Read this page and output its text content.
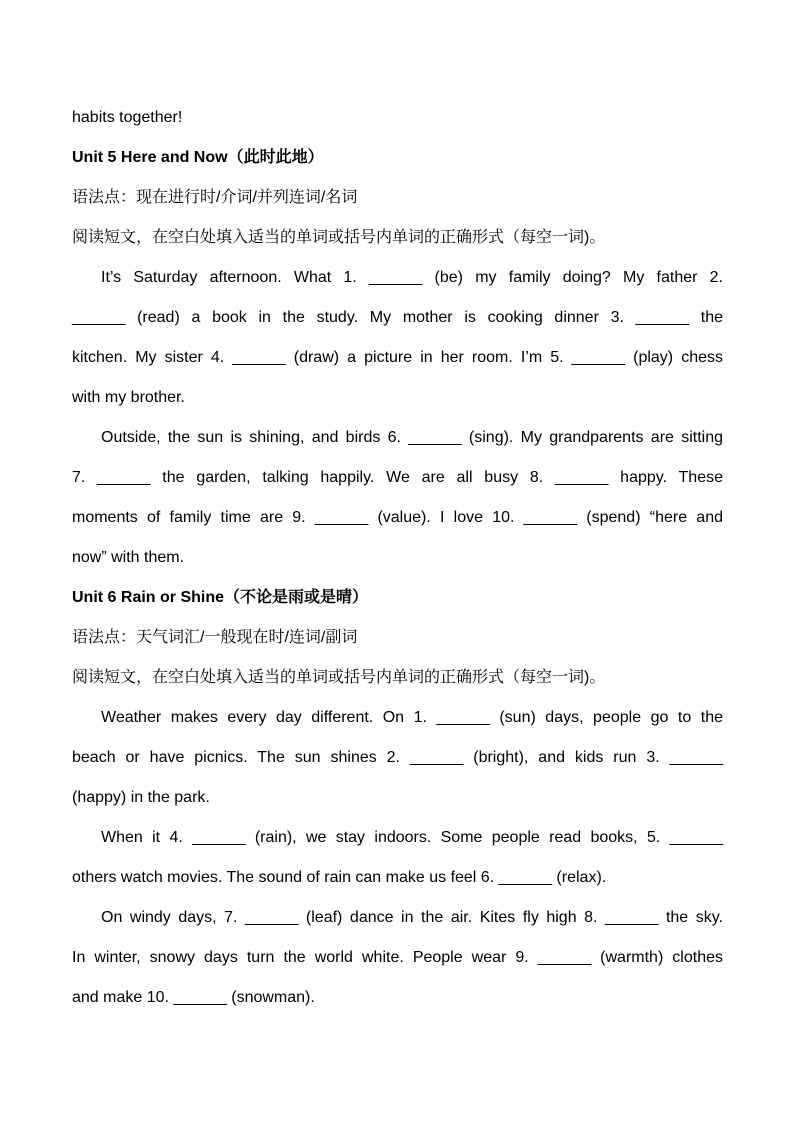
habits together!
Unit 5 Here and Now（此时此地）
语法点：现在进行时/介词/并列连词/名词
阅读短文，在空白处填入适当的单词或括号内单词的正确形式（每空一词)。
It’s Saturday afternoon. What 1. ______ (be) my family doing? My father 2.
______ (read) a book in the study. My mother is cooking dinner 3. ______ the
kitchen. My sister 4. ______ (draw) a picture in her room. I’m 5. ______ (play) chess
with my brother.
Outside, the sun is shining, and birds 6. ______ (sing). My grandparents are sitting
7. ______ the garden, talking happily. We are all busy 8. ______ happy. These
moments of family time are 9. ______ (value). I love 10. ______ (spend) “here and
now” with them.
Unit 6 Rain or Shine（不论是雨或是晴）
语法点：天气词汇/一般现在时/连词/副词
阅读短文，在空白处填入适当的单词或括号内单词的正确形式（每空一词)。
Weather makes every day different. On 1. ______ (sun) days, people go to the
beach or have picnics. The sun shines 2. ______ (bright), and kids run 3. ______
(happy) in the park.
When it 4. ______ (rain), we stay indoors. Some people read books, 5. ______
others watch movies. The sound of rain can make us feel 6. ______ (relax).
On windy days, 7. ______ (leaf) dance in the air. Kites fly high 8. ______ the sky.
In winter, snowy days turn the world white. People wear 9. ______ (warmth) clothes
and make 10. ______ (snowman).
